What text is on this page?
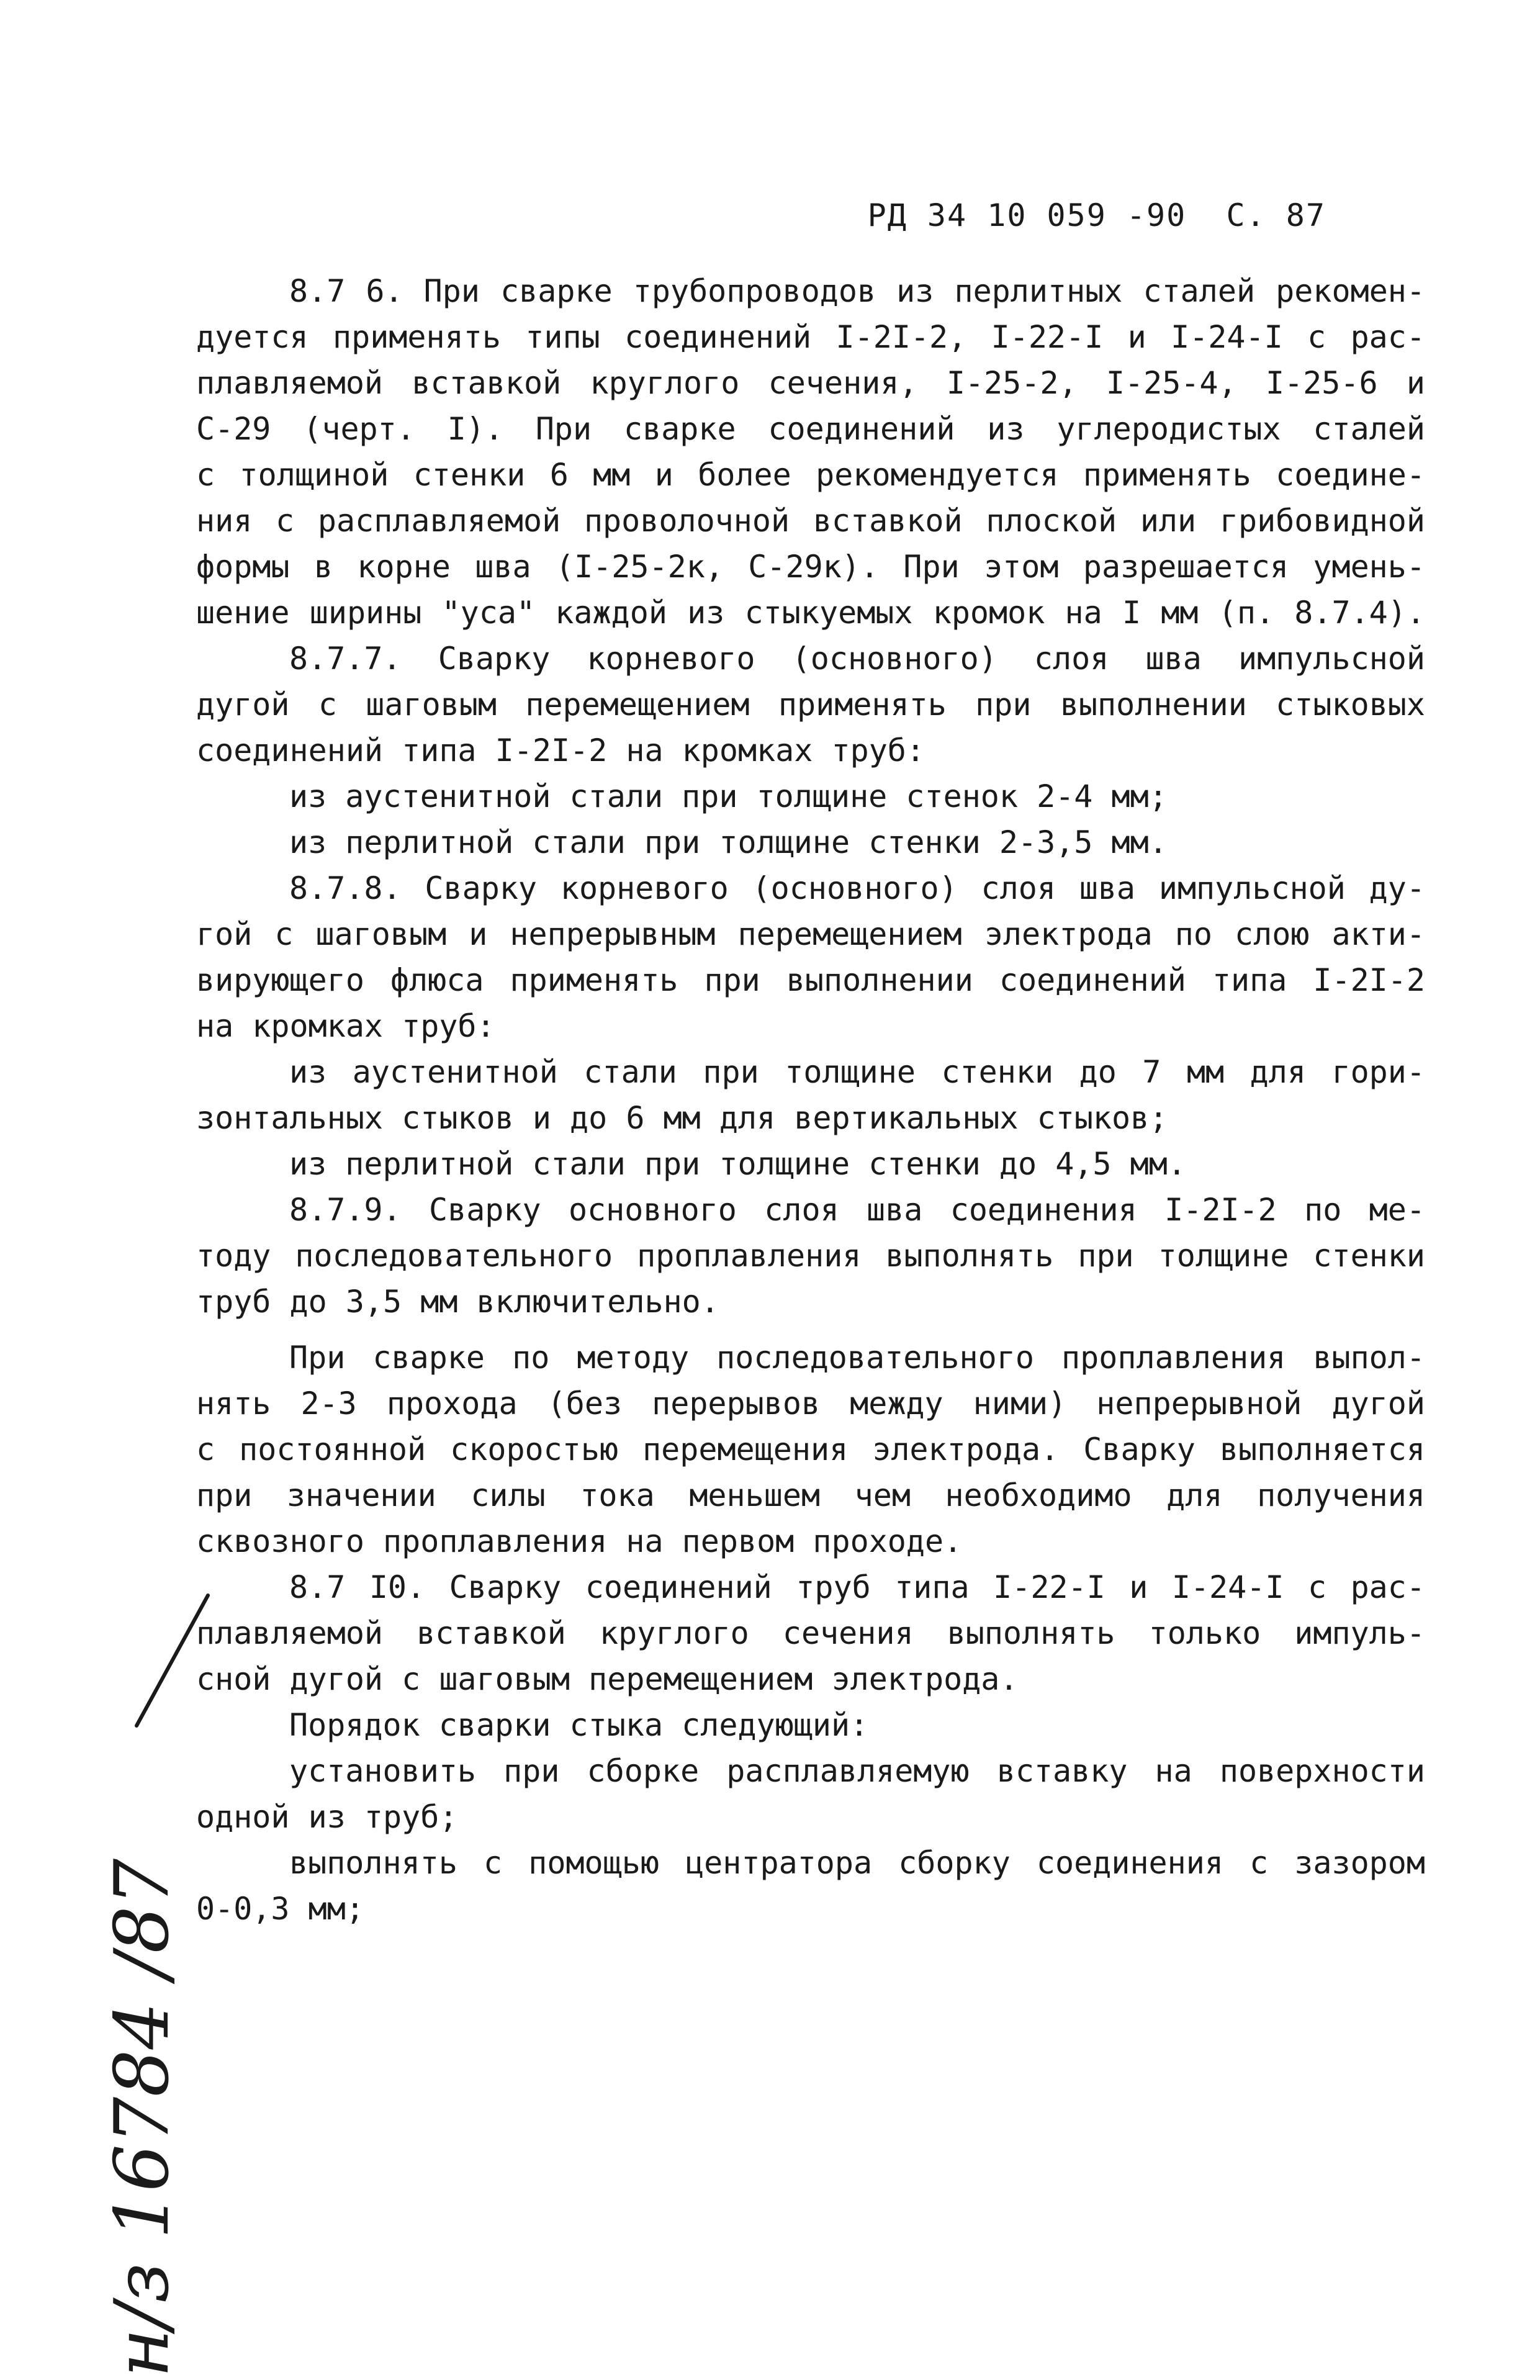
РД 34 10 059 -90 С. 87
8.7 6. При сварке трубопроводов из перлитных сталей рекомен-
дуется применять типы соединений I-2I-2, I-22-I и I-24-I с рас-
плавляемой вставкой круглого сечения, I-25-2, I-25-4, I-25-6 и
С-29 (черт. I). При сварке соединений из углеродистых сталей
с толщиной стенки 6 мм и более рекомендуется применять соедине-
ния с расплавляемой проволочной вставкой плоской или грибовидной
формы в корне шва (I-25-2к, С-29к). При этом разрешается умень-
шение ширины "уса" каждой из стыкуемых кромок на I мм (п. 8.7.4).
8.7.7. Сварку корневого (основного) слоя шва импульсной
дугой с шаговым перемещением применять при выполнении стыковых
соединений типа I-2I-2 на кромках труб:
из аустенитной стали при толщине стенок 2-4 мм;
из перлитной стали при толщине стенки 2-3,5 мм.
8.7.8. Сварку корневого (основного) слоя шва импульсной ду-
гой с шаговым и непрерывным перемещением электрода по слою акти-
вирующего флюса применять при выполнении соединений типа I-2I-2
на кромках труб:
из аустенитной стали при толщине стенки до 7 мм для гори-
зонтальных стыков и до 6 мм для вертикальных стыков;
из перлитной стали при толщине стенки до 4,5 мм.
8.7.9. Сварку основного слоя шва соединения I-2I-2 по ме-
тоду последовательного проплавления выполнять при толщине стенки
труб до 3,5 мм включительно.
При сварке по методу последовательного проплавления выпол-
нять 2-3 прохода (без перерывов между ними) непрерывной дугой
с постоянной скоростью перемещения электрода. Сварку выполняется
при значении силы тока меньшем чем необходимо для получения
сквозного проплавления на первом проходе.
8.7 I0. Сварку соединений труб типа I-22-I и I-24-I с рас-
плавляемой вставкой круглого сечения выполнять только импуль-
сной дугой с шаговым перемещением электрода.
Порядок сварки стыка следующий:
установить при сборке расплавляемую вставку на поверхности
одной из труб;
выполнять с помощью центратора сборку соединения с зазором
0-0,3 мм;
н/з 16784 /87
